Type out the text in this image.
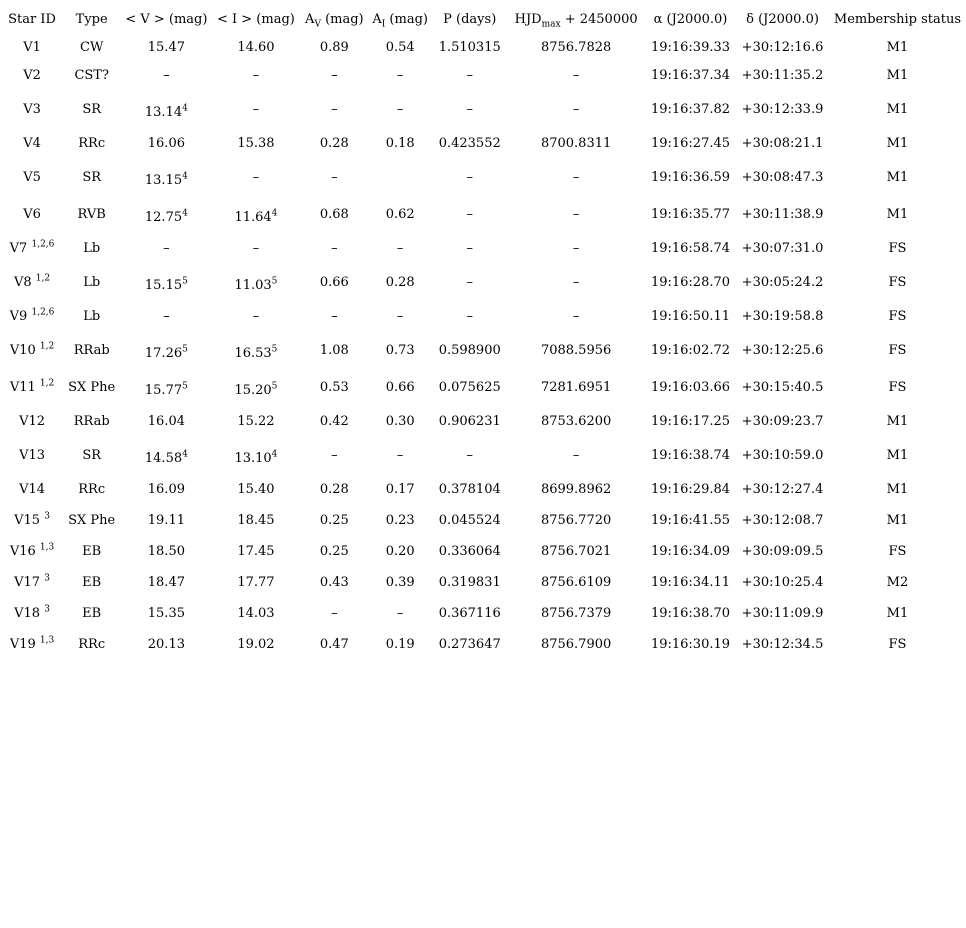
Star ID	Type	< V > (mag)	< I > (mag)	$A_V$ (mag)	$A_I$ (mag)	P (days)	$HJD_{max} + 2450000$	α (J2000.0)	δ (J2000.0)	Membership status
V1	CW	15.47	14.60	0.89	0.54	1.510315	8756.7828	19:16:39.33	+30:12:16.6	M1
V2	CST?	–	–	–	–	–	–	19:16:37.34	+30:11:35.2	M1
V3	SR	13.14$^4$	–	–	–	–	–	19:16:37.82	+30:12:33.9	M1
V4	RRc	16.06	15.38	0.28	0.18	0.423552	8700.8311	19:16:27.45	+30:08:21.1	M1
V5	SR	13.15$^4$	–	–		–	–	19:16:36.59	+30:08:47.3	M1
V6	RVB	12.75$^4$	11.64$^4$	0.68	0.62	–	–	19:16:35.77	+30:11:38.9	M1
V7 $^{1,2,6}$	Lb	–	–	–	–	–	–	19:16:58.74	+30:07:31.0	FS
V8 $^{1,2}$	Lb	15.15$^5$	11.03$^5$	0.66	0.28	–	–	19:16:28.70	+30:05:24.2	FS
V9 $^{1,2,6}$	Lb	–	–	–	–	–	–	19:16:50.11	+30:19:58.8	FS
V10 $^{1,2}$	RRab	17.26$^5$	16.53$^5$	1.08	0.73	0.598900	7088.5956	19:16:02.72	+30:12:25.6	FS
V11 $^{1,2}$	SX Phe	15.77$^5$	15.20$^5$	0.53	0.66	0.075625	7281.6951	19:16:03.66	+30:15:40.5	FS
V12	RRab	16.04	15.22	0.42	0.30	0.906231	8753.6200	19:16:17.25	+30:09:23.7	M1
V13	SR	14.58$^4$	13.10$^4$	–	–	–	–	19:16:38.74	+30:10:59.0	M1
V14	RRc	16.09	15.40	0.28	0.17	0.378104	8699.8962	19:16:29.84	+30:12:27.4	M1
V15 $^3$	SX Phe	19.11	18.45	0.25	0.23	0.045524	8756.7720	19:16:41.55	+30:12:08.7	M1
V16 $^{1,3}$	EB	18.50	17.45	0.25	0.20	0.336064	8756.7021	19:16:34.09	+30:09:09.5	FS
V17 $^3$	EB	18.47	17.77	0.43	0.39	0.319831	8756.6109	19:16:34.11	+30:10:25.4	M2
V18 $^3$	EB	15.35	14.03	–	–	0.367116	8756.7379	19:16:38.70	+30:11:09.9	M1
V19 $^{1,3}$	RRc	20.13	19.02	0.47	0.19	0.273647	8756.7900	19:16:30.19	+30:12:34.5	FS
